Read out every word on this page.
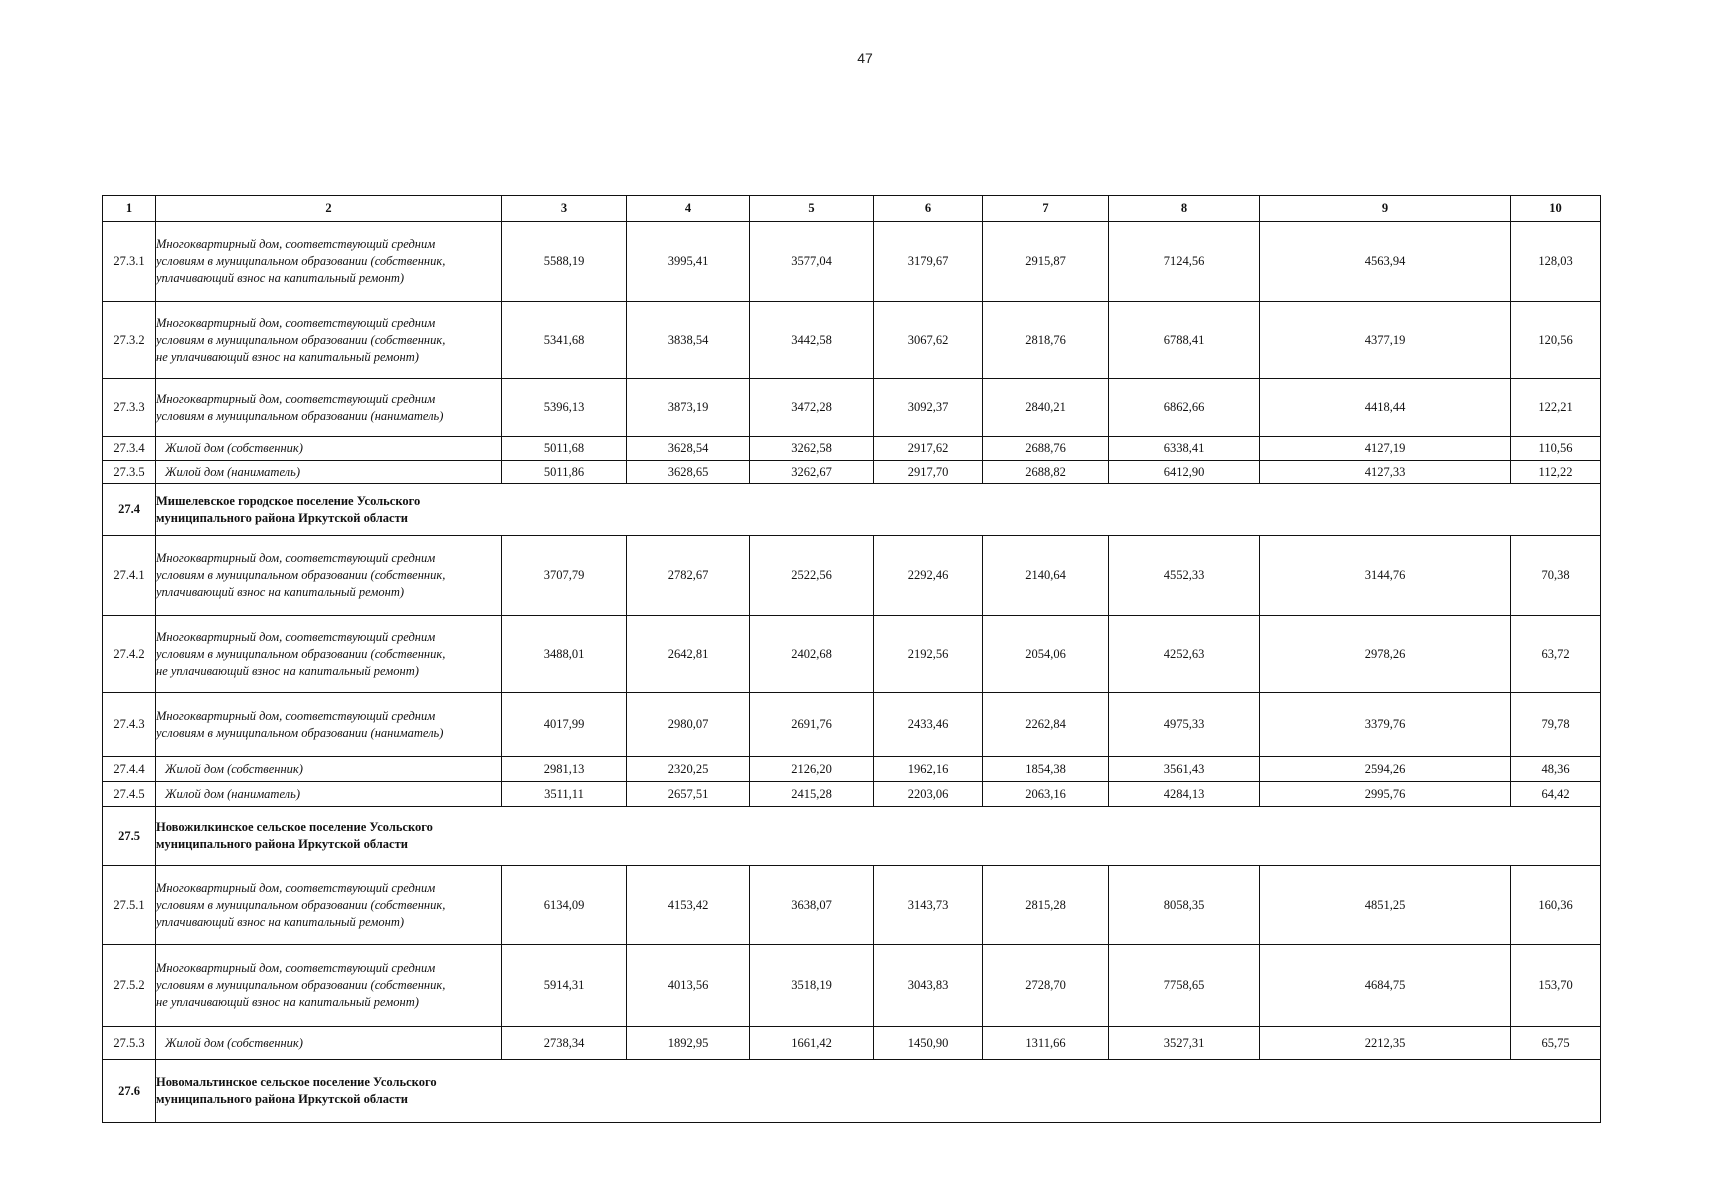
47
1	2	3	4	5	6	7	8	9	10
27.3.1	Многоквартирный дом, соответствующий средним
условиям в муниципальном образовании (собственник,
уплачивающий взнос на капитальный ремонт)	5588,19	3995,41	3577,04	3179,67	2915,87	7124,56	4563,94	128,03
27.3.2	Многоквартирный дом, соответствующий средним
условиям в муниципальном образовании (собственник,
не уплачивающий взнос на капитальный ремонт)	5341,68	3838,54	3442,58	3067,62	2818,76	6788,41	4377,19	120,56
27.3.3	Многоквартирный дом, соответствующий средним
условиям в муниципальном образовании (наниматель)	5396,13	3873,19	3472,28	3092,37	2840,21	6862,66	4418,44	122,21
27.3.4	Жилой дом (собственник)	5011,68	3628,54	3262,58	2917,62	2688,76	6338,41	4127,19	110,56
27.3.5	Жилой дом (наниматель)	5011,86	3628,65	3262,67	2917,70	2688,82	6412,90	4127,33	112,22
27.4	Мишелевское городское поселение Усольского
муниципального района Иркутской области								

27.4.1	Многоквартирный дом, соответствующий средним
условиям в муниципальном образовании (собственник,
уплачивающий взнос на капитальный ремонт)	3707,79	2782,67	2522,56	2292,46	2140,64	4552,33	3144,76	70,38
27.4.2	Многоквартирный дом, соответствующий средним
условиям в муниципальном образовании (собственник,
не уплачивающий взнос на капитальный ремонт)	3488,01	2642,81	2402,68	2192,56	2054,06	4252,63	2978,26	63,72
27.4.3	Многоквартирный дом, соответствующий средним
условиям в муниципальном образовании (наниматель)	4017,99	2980,07	2691,76	2433,46	2262,84	4975,33	3379,76	79,78
27.4.4	Жилой дом (собственник)	2981,13	2320,25	2126,20	1962,16	1854,38	3561,43	2594,26	48,36
27.4.5	Жилой дом (наниматель)	3511,11	2657,51	2415,28	2203,06	2063,16	4284,13	2995,76	64,42
27.5	Новожилкинское сельское поселение Усольского
муниципального района Иркутской области								

27.5.1	Многоквартирный дом, соответствующий средним
условиям в муниципальном образовании (собственник,
уплачивающий взнос на капитальный ремонт)	6134,09	4153,42	3638,07	3143,73	2815,28	8058,35	4851,25	160,36
27.5.2	Многоквартирный дом, соответствующий средним
условиям в муниципальном образовании (собственник,
не уплачивающий взнос на капитальный ремонт)	5914,31	4013,56	3518,19	3043,83	2728,70	7758,65	4684,75	153,70
27.5.3	Жилой дом (собственник)	2738,34	1892,95	1661,42	1450,90	1311,66	3527,31	2212,35	65,75
27.6	Новомальтинское сельское поселение Усольского
муниципального района Иркутской области								
